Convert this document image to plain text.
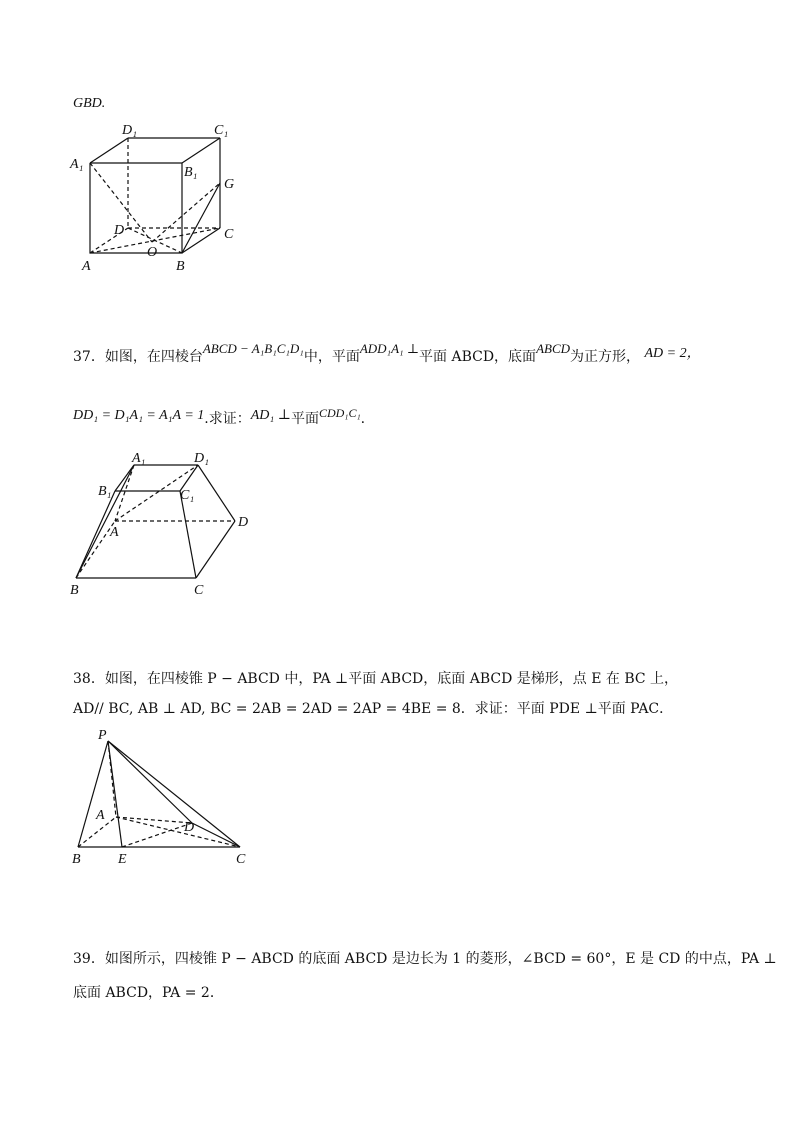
GBD.
D₁	C₁
A₁
B₁
G
D	C
O
A	B
37．如图，在四棱台ABCD − A₁B₁C₁D₁中，平面ADD₁A₁ ⊥平面 ABCD，底面ABCD为正方形， AD = 2，
DD₁ = D₁A₁ = A₁A = 1.求证：AD₁ ⊥平面CDD₁C₁.
A₁	D₁
B₁	C₁
A
D
B	C
38．如图，在四棱锥 P − ABCD 中，PA ⊥平面 ABCD，底面 ABCD 是梯形，点 E 在 BC 上，
AD// BC, AB ⊥ AD, BC = 2AB = 2AD = 2AP = 4BE = 8．求证：平面 PDE ⊥平面 PAC．
P
A
D
B	E	C
39．如图所示，四棱锥 P − ABCD 的底面 ABCD 是边长为 1 的菱形，∠BCD = 60°，E 是 CD 的中点，PA ⊥
底面 ABCD，PA = 2．
